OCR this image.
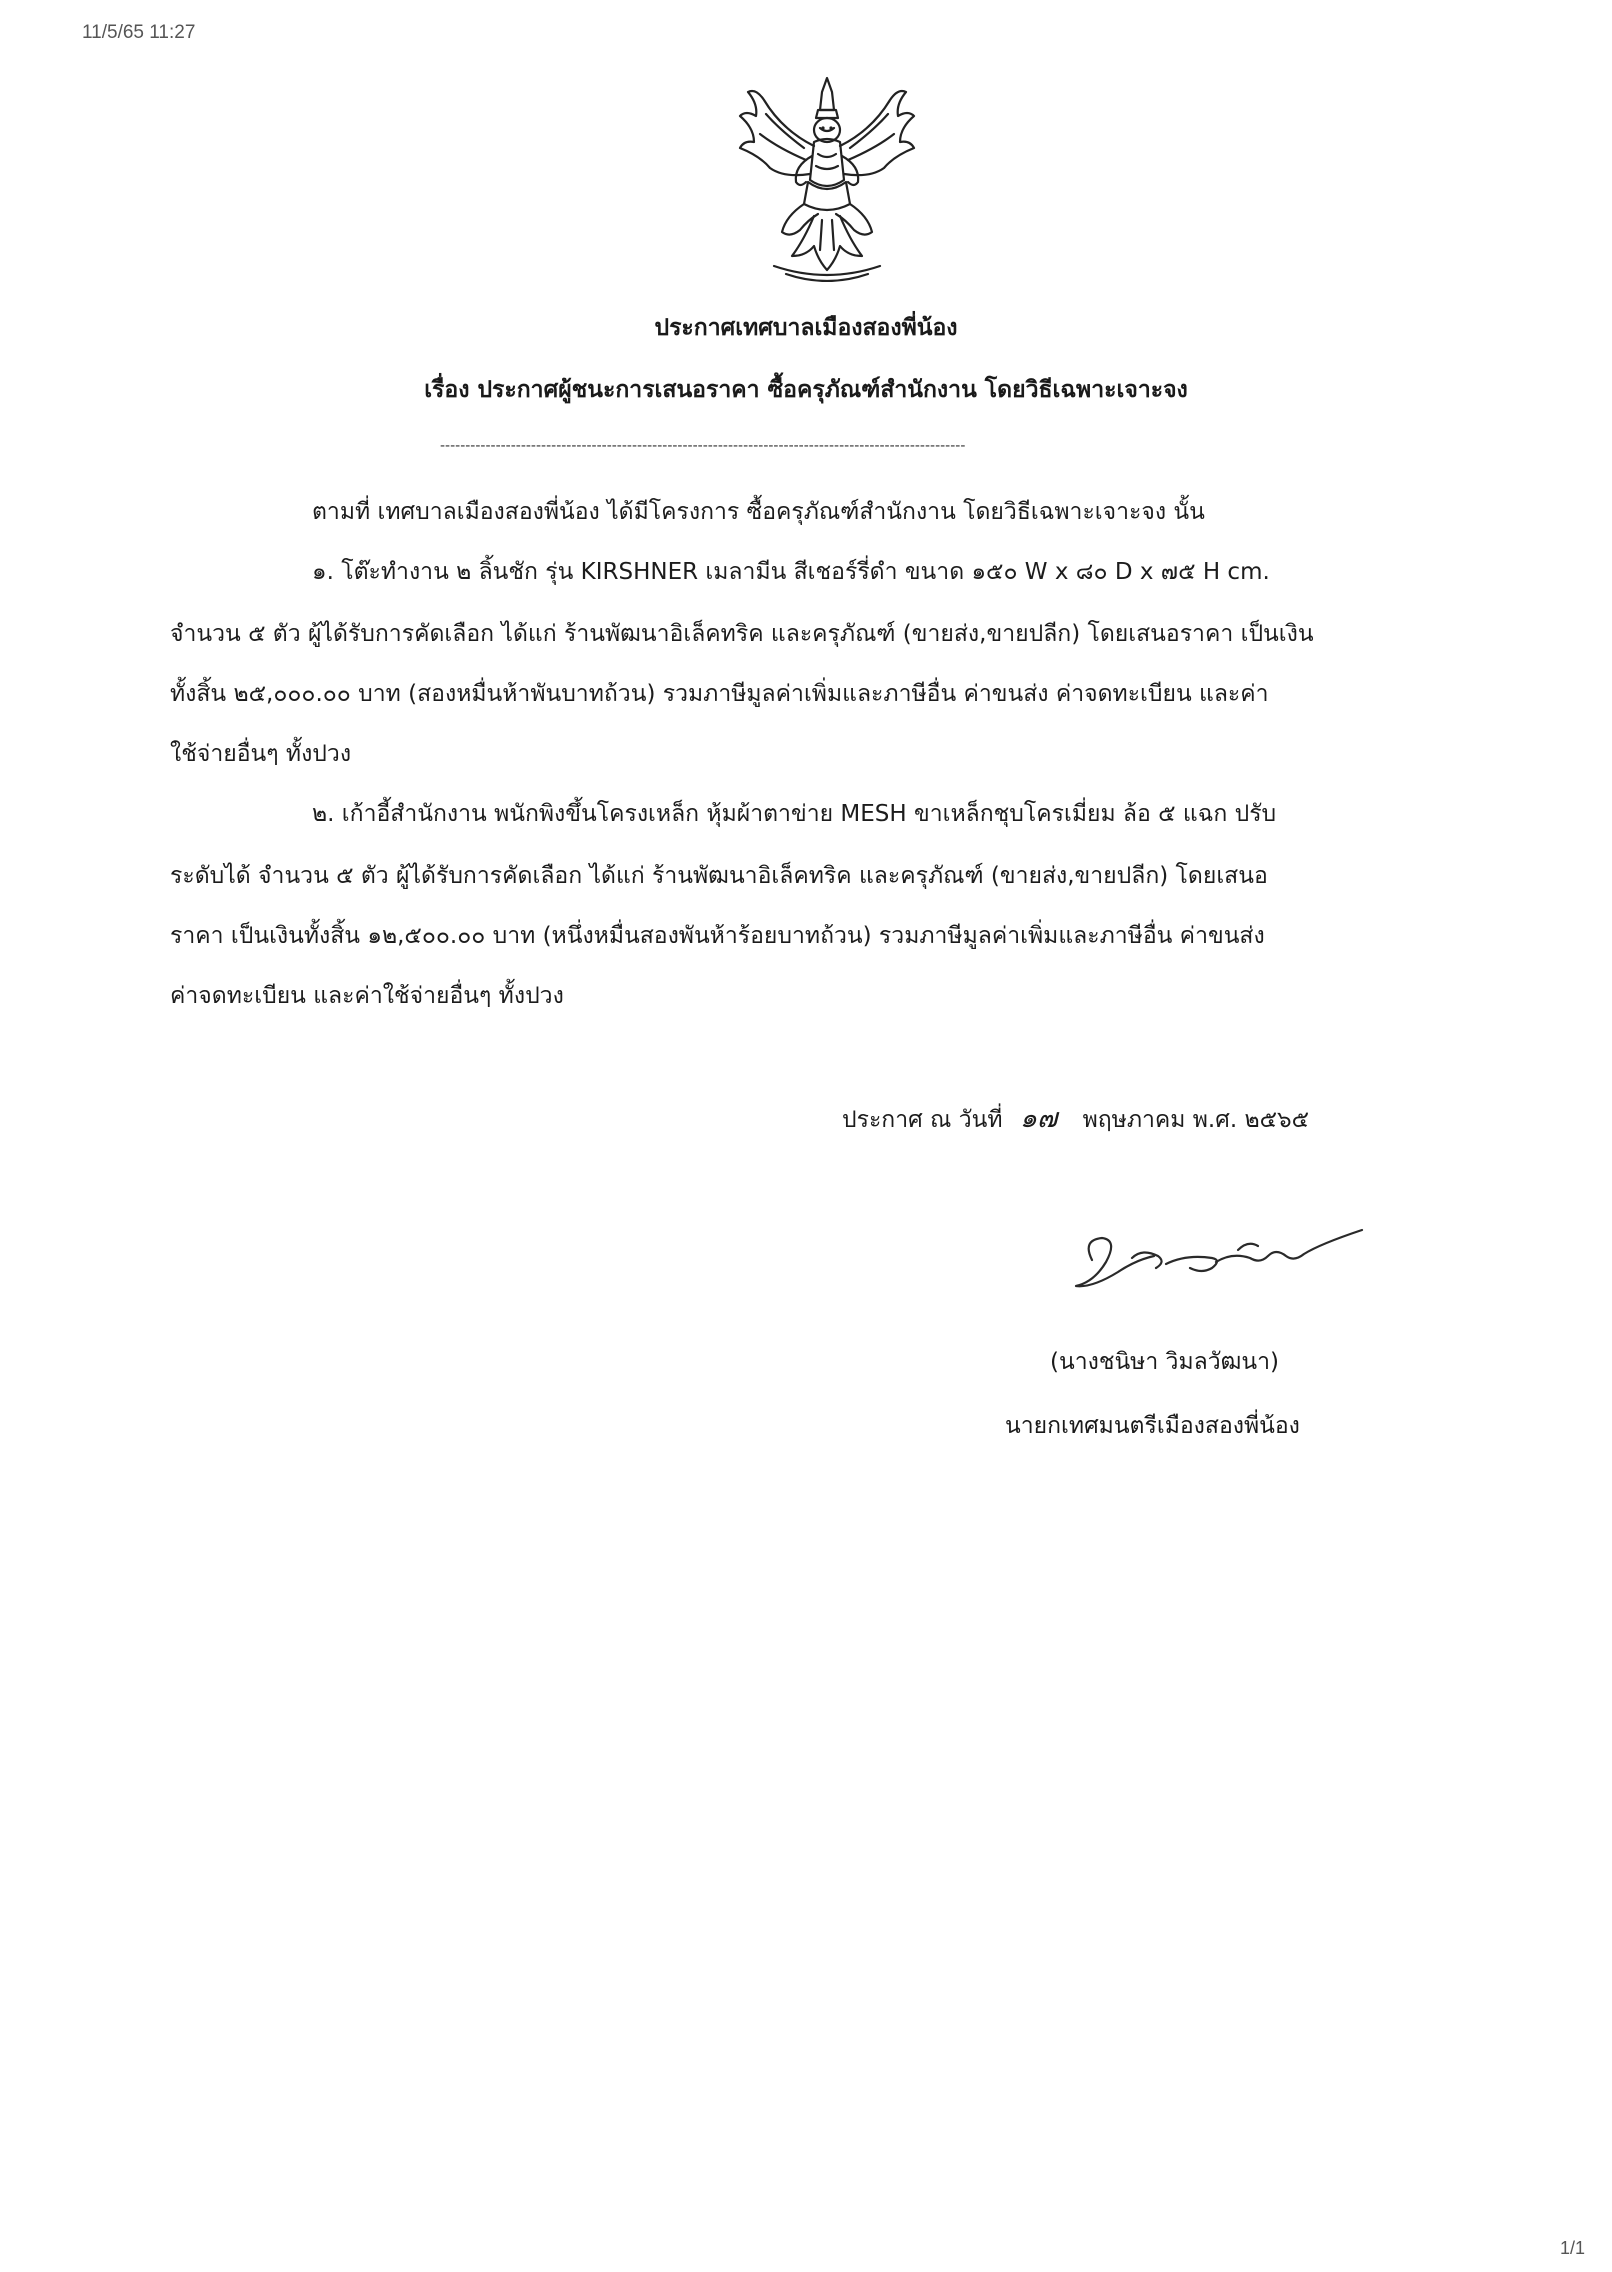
11/5/65 11:27
ประกาศเทศบาลเมืองสองพี่น้อง
เรื่อง ประกาศผู้ชนะการเสนอราคา ซื้อครุภัณฑ์สำนักงาน โดยวิธีเฉพาะเจาะจง
--------------------------------------------------------------------------------------------------------
ตามที่ เทศบาลเมืองสองพี่น้อง ได้มีโครงการ ซื้อครุภัณฑ์สำนักงาน โดยวิธีเฉพาะเจาะจง นั้น
๑. โต๊ะทำงาน ๒ ลิ้นชัก รุ่น KIRSHNER เมลามีน สีเชอร์รี่ดำ ขนาด ๑๕๐ W x ๘๐ D x ๗๕ H cm.
จำนวน ๕ ตัว ผู้ได้รับการคัดเลือก ได้แก่ ร้านพัฒนาอิเล็คทริค และครุภัณฑ์ (ขายส่ง,ขายปลีก) โดยเสนอราคา เป็นเงิน
ทั้งสิ้น ๒๕,๐๐๐.๐๐ บาท (สองหมื่นห้าพันบาทถ้วน) รวมภาษีมูลค่าเพิ่มและภาษีอื่น ค่าขนส่ง ค่าจดทะเบียน และค่า
ใช้จ่ายอื่นๆ ทั้งปวง
๒. เก้าอี้สำนักงาน พนักพิงขึ้นโครงเหล็ก หุ้มผ้าตาข่าย MESH ขาเหล็กชุบโครเมี่ยม ล้อ ๕ แฉก ปรับ
ระดับได้ จำนวน ๕ ตัว ผู้ได้รับการคัดเลือก ได้แก่ ร้านพัฒนาอิเล็คทริค และครุภัณฑ์ (ขายส่ง,ขายปลีก) โดยเสนอ
ราคา เป็นเงินทั้งสิ้น ๑๒,๕๐๐.๐๐ บาท (หนึ่งหมื่นสองพันห้าร้อยบาทถ้วน) รวมภาษีมูลค่าเพิ่มและภาษีอื่น ค่าขนส่ง
ค่าจดทะเบียน และค่าใช้จ่ายอื่นๆ ทั้งปวง
ประกาศ ณ วันที่ ๑๗ พฤษภาคม พ.ศ. ๒๕๖๕
(นางชนิษา วิมลวัฒนา)
นายกเทศมนตรีเมืองสองพี่น้อง
1/1
